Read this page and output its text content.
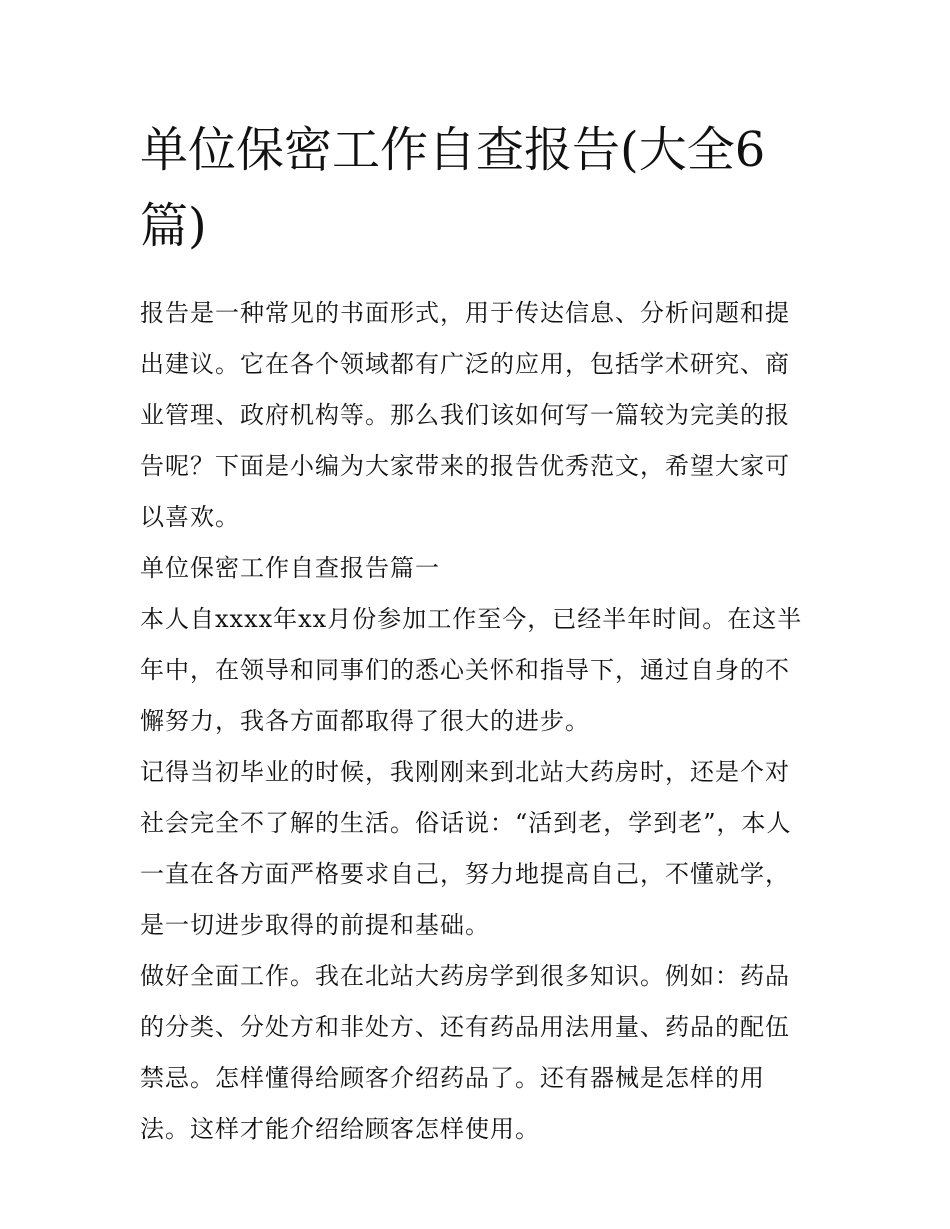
单位保密工作自查报告(大全6篇)

报告是一种常见的书面形式，用于传达信息、分析问题和提出建议。它在各个领域都有广泛的应用，包括学术研究、商业管理、政府机构等。那么我们该如何写一篇较为完美的报告呢？下面是小编为大家带来的报告优秀范文，希望大家可以喜欢。

单位保密工作自查报告篇一

本人自xxxx年xx月份参加工作至今，已经半年时间。在这半年中，在领导和同事们的悉心关怀和指导下，通过自身的不懈努力，我各方面都取得了很大的进步。

记得当初毕业的时候，我刚刚来到北站大药房时，还是个对社会完全不了解的生活。俗话说：“活到老，学到老”，本人一直在各方面严格要求自己，努力地提高自己，不懂就学，是一切进步取得的前提和基础。

做好全面工作。我在北站大药房学到很多知识。例如：药品的分类、分处方和非处方、还有药品用法用量、药品的配伍禁忌。怎样懂得给顾客介绍药品了。还有器械是怎样的用法。这样才能介绍给顾客怎样使用。
